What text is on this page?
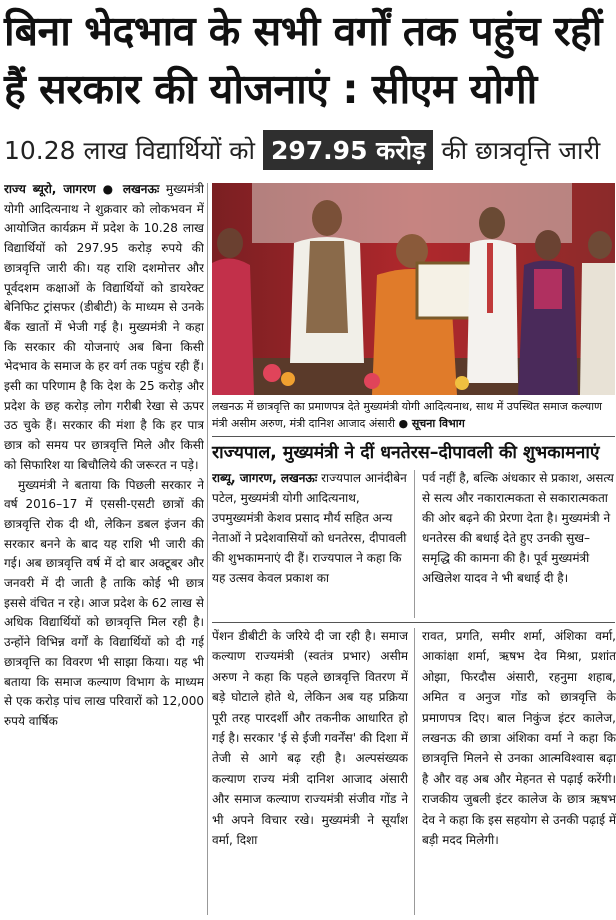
बिना भेदभाव के सभी वर्गों तक पहुंच रहीं
हैं सरकार की योजनाएं : सीएम योगी
10.28 लाख विद्यार्थियों को 297.95 करोड़ की छात्रवृत्ति जारी

राज्य ब्यूरो, जागरण ● लखनऊः मुख्यमंत्री योगी आदित्यनाथ ने शुक्रवार को लोकभवन में आयोजित कार्यक्रम में प्रदेश के 10.28 लाख विद्यार्थियों को 297.95 करोड़ रुपये की छात्रवृत्ति जारी की। यह राशि दशमोत्तर और पूर्वदशम कक्षाओं के विद्यार्थियों को डायरेक्ट बेनिफिट ट्रांसफर (डीबीटी) के माध्यम से उनके बैंक खातों में भेजी गई है। मुख्यमंत्री ने कहा कि सरकार की योजनाएं अब बिना किसी भेदभाव के समाज के हर वर्ग तक पहुंच रही हैं। इसी का परिणाम है कि देश के 25 करोड़ और प्रदेश के छह करोड़ लोग गरीबी रेखा से ऊपर उठ चुके हैं। सरकार की मंशा है कि हर पात्र छात्र को समय पर छात्रवृत्ति मिले और किसी को सिफारिश या बिचौलिये की जरूरत न पड़े।

मुख्यमंत्री ने बताया कि पिछली सरकार ने वर्ष 2016–17 में एससी-एसटी छात्रों की छात्रवृत्ति रोक दी थी, लेकिन डबल इंजन की सरकार बनने के बाद यह राशि भी जारी की गई। अब छात्रवृत्ति वर्ष में दो बार अक्टूबर और जनवरी में दी जाती है ताकि कोई भी छात्र इससे वंचित न रहे। आज प्रदेश के 62 लाख से अधिक विद्यार्थियों को छात्रवृत्ति मिल रही है। उन्होंने विभिन्न वर्गों के विद्यार्थियों को दी गई छात्रवृत्ति का विवरण भी साझा किया। यह भी बताया कि समाज कल्याण विभाग के माध्यम से एक करोड़ पांच लाख परिवारों को 12,000 रुपये वार्षिक

लखनऊ में छात्रवृत्ति का प्रमाणपत्र देते मुख्यमंत्री योगी आदित्यनाथ, साथ में उपस्थित समाज कल्याण मंत्री असीम अरुण, मंत्री दानिश आजाद अंसारी ● सूचना विभाग
राज्यपाल, मुख्यमंत्री ने दीं धनतेरस–दीपावली की शुभकामनाएं
राब्यू, जागरण, लखनऊः राज्यपाल आनंदीबेन पटेल, मुख्यमंत्री योगी आदित्यनाथ, उपमुख्यमंत्री केशव प्रसाद मौर्य सहित अन्य नेताओं ने प्रदेशवासियों को धनतेरस, दीपावली की शुभकामनाएं दी हैं। राज्यपाल ने कहा कि यह उत्सव केवल प्रकाश का
पर्व नहीं है, बल्कि अंधकार से प्रकाश, असत्य से सत्य और नकारात्मकता से सकारात्मकता की ओर बढ़ने की प्रेरणा देता है। मुख्यमंत्री ने धनतेरस की बधाई देते हुए उनकी सुख–समृद्धि की कामना की है। पूर्व मुख्यमंत्री अखिलेश यादव ने भी बधाई दी है।
पेंशन डीबीटी के जरिये दी जा रही है। समाज कल्याण राज्यमंत्री (स्वतंत्र प्रभार) असीम अरुण ने कहा कि पहले छात्रवृत्ति वितरण में बड़े घोटाले होते थे, लेकिन अब यह प्रक्रिया पूरी तरह पारदर्शी और तकनीक आधारित हो गई है। सरकार 'ई से ईजी गवर्नेंस' की दिशा में तेजी से आगे बढ़ रही है। अल्पसंख्यक कल्याण राज्य मंत्री दानिश आजाद अंसारी और समाज कल्याण राज्यमंत्री संजीव गोंड ने भी अपने विचार रखे। मुख्यमंत्री ने सूर्यांश वर्मा, दिशा
रावत, प्रगति, समीर शर्मा, अंशिका वर्मा, आकांक्षा शर्मा, ऋषभ देव मिश्रा, प्रशांत ओझा, फिरदौस अंसारी, रहनुमा शहाब, अमित व अनुज गोंड को छात्रवृत्ति के प्रमाणपत्र दिए। बाल निकुंज इंटर कालेज, लखनऊ की छात्रा अंशिका वर्मा ने कहा कि छात्रवृत्ति मिलने से उनका आत्मविश्वास बढ़ा है और वह अब और मेहनत से पढ़ाई करेंगी। राजकीय जुबली इंटर कालेज के छात्र ऋषभ देव ने कहा कि इस सहयोग से उनकी पढ़ाई में बड़ी मदद मिलेगी।
